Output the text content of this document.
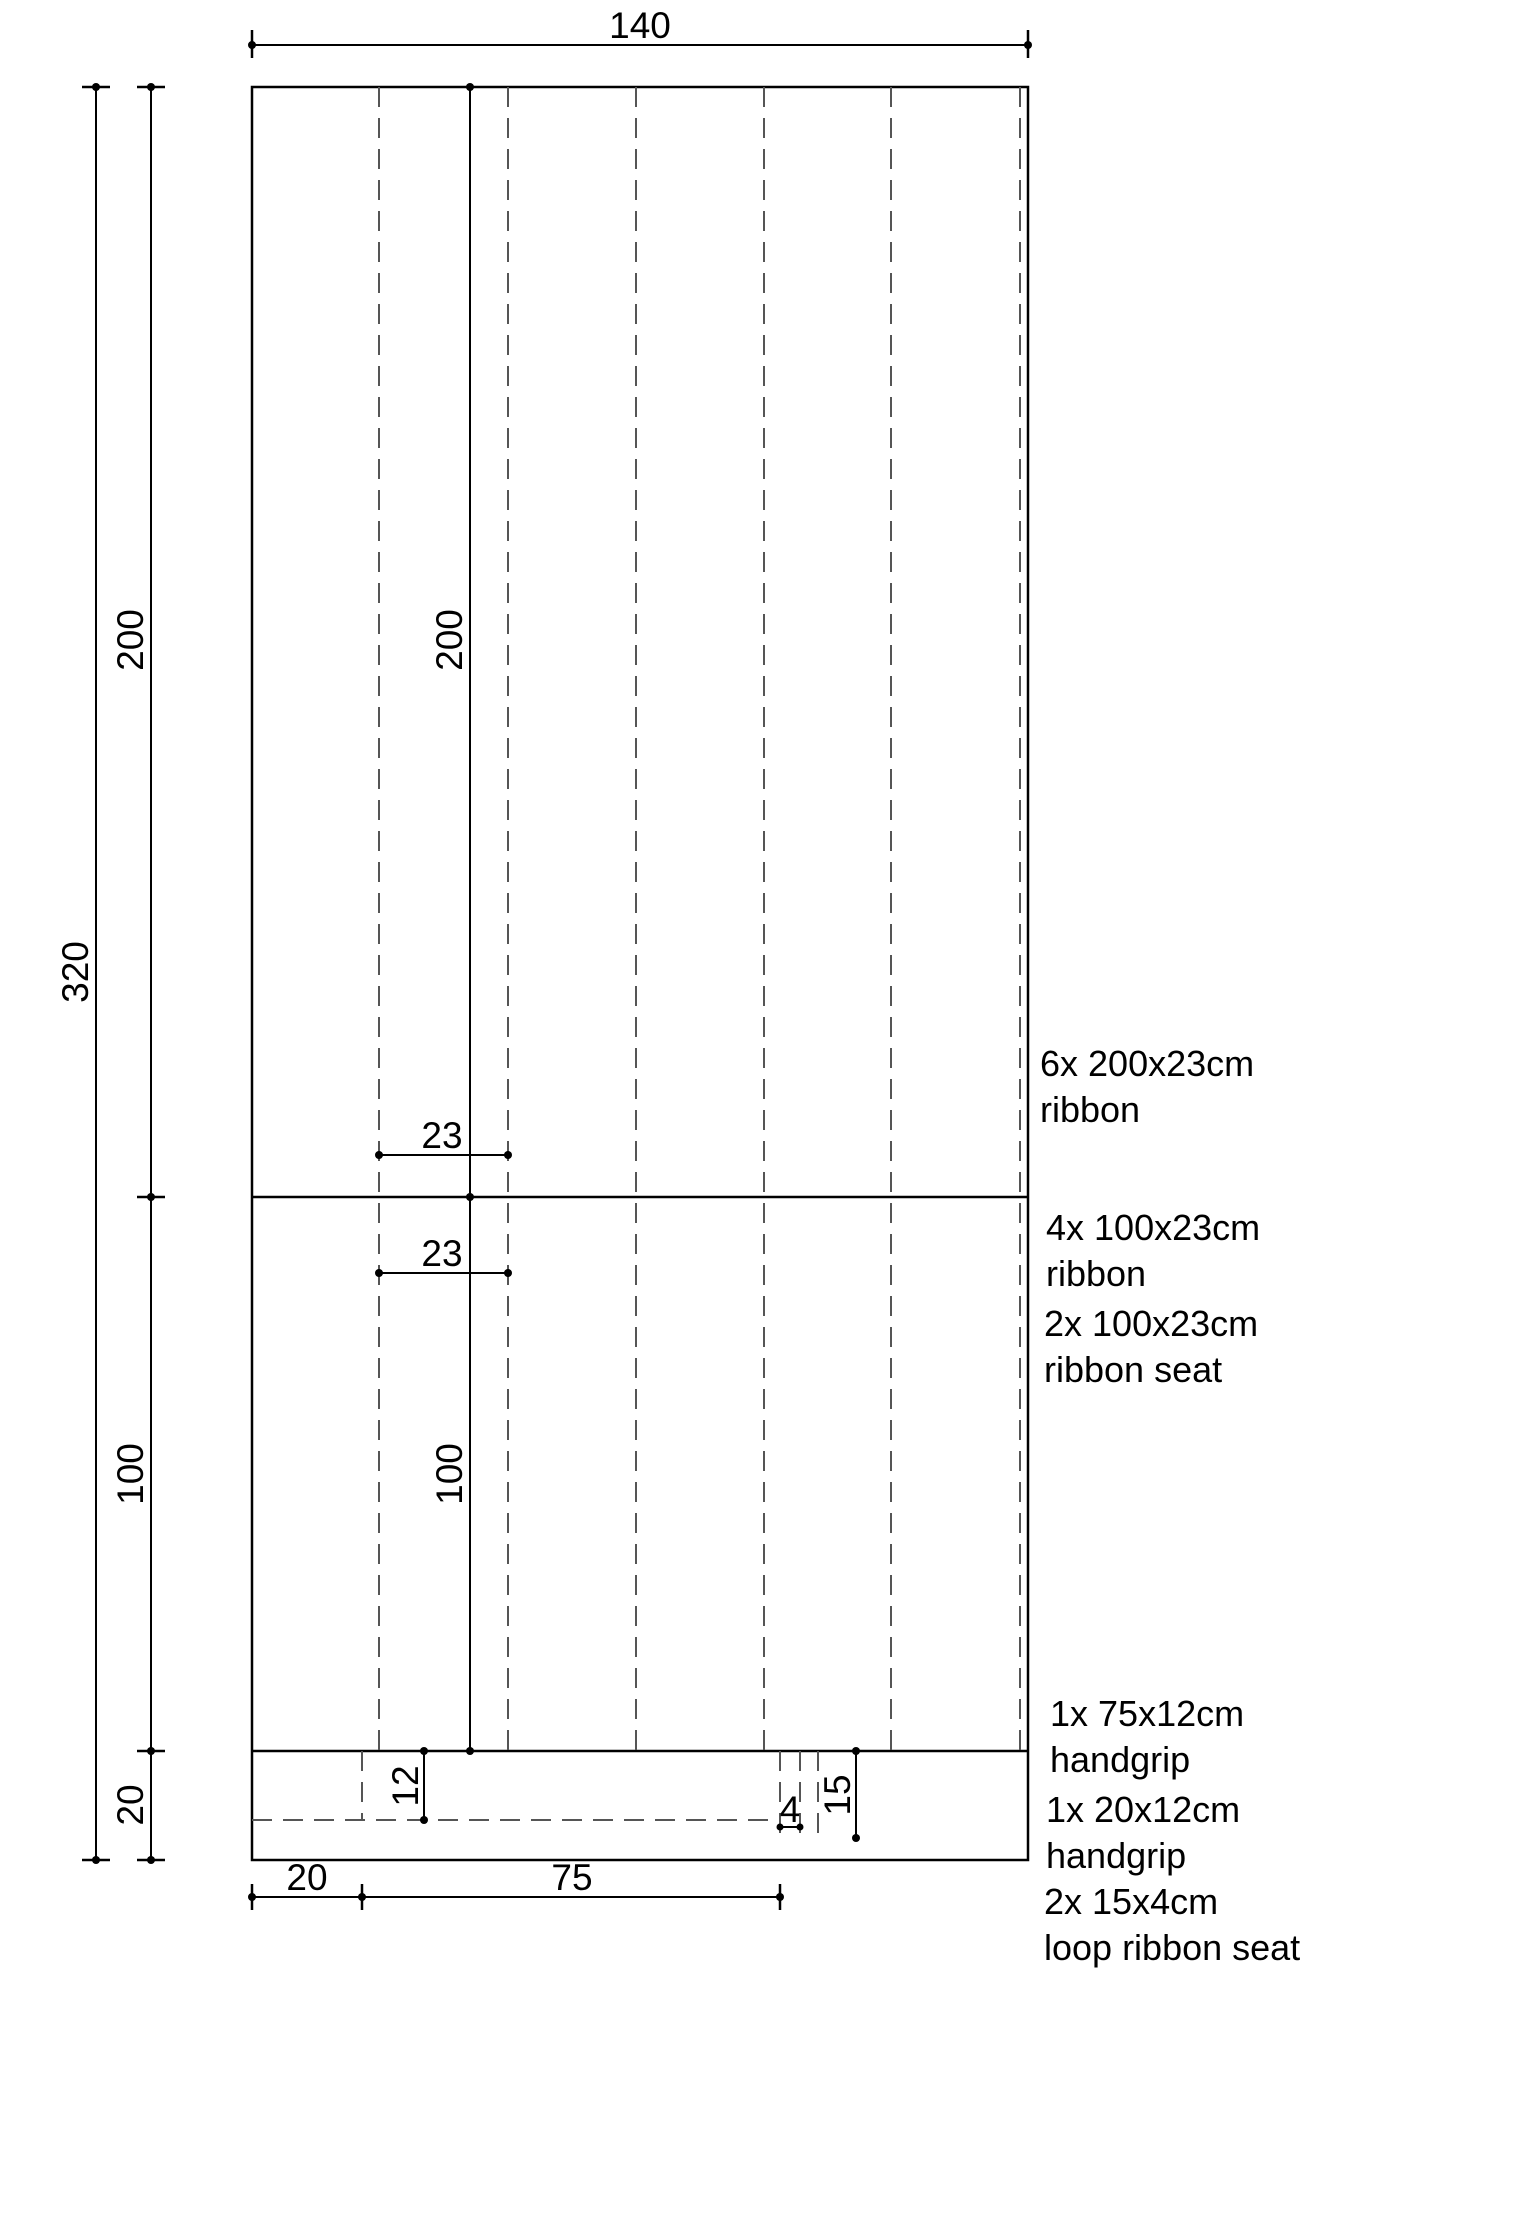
140
320
200
100
20
200
100
23
23
12
4 15
20	75
6x 200x23cm
ribbon
4x 100x23cm
ribbon
2x 100x23cm
ribbon seat
1x 75x12cm
handgrip
1x 20x12cm
handgrip
2x 15x4cm
loop ribbon seat
